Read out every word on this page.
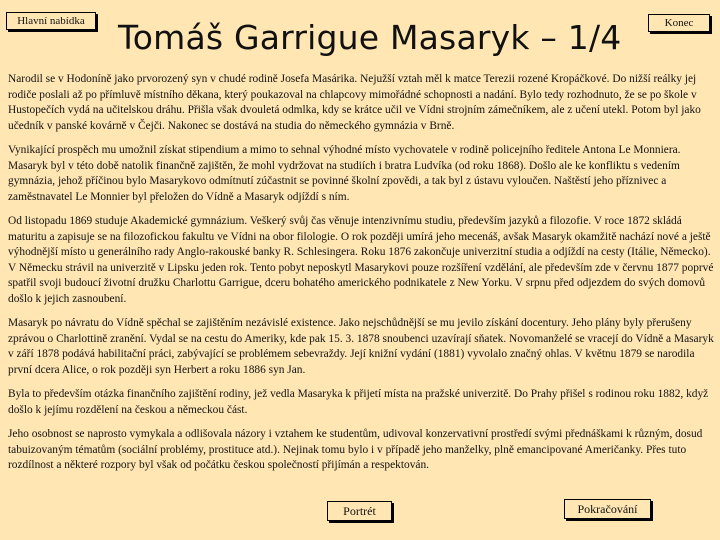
Hlavní nabídka	Konec
Tomáš Garrigue Masaryk – 1/4

Narodil se v Hodoníně jako prvorozený syn v chudé rodině Josefa Masárika. Nejužší vztah měl k matce Terezii rozené Kropáčkové. Do nižší reálky jej rodiče poslali až po přímluvě místního děkana, který poukazoval na chlapcovy mimořádné schopnosti a nadání. Bylo tedy rozhodnuto, že se po škole v Hustopečích vydá na učitelskou dráhu. Přišla však dvouletá odmlka, kdy se krátce učil ve Vídni strojním zámečníkem, ale z učení utekl. Potom byl jako učedník v panské kovárně v Čejči. Nakonec se dostává na studia do německého gymnázia v Brně.

Vynikající prospěch mu umožnil získat stipendium a mimo to sehnal výhodné místo vychovatele v rodině policejního ředitele Antona Le Monniera. Masaryk byl v této době natolik finančně zajištěn, že mohl vydržovat na studiích i bratra Ludvíka (od roku 1868). Došlo ale ke konfliktu s vedením gymnázia, jehož příčinou bylo Masarykovo odmítnutí zúčastnit se povinné školní zpovědi, a tak byl z ústavu vyloučen. Naštěstí jeho příznivec a zaměstnavatel Le Monnier byl přeložen do Vídně a Masaryk odjíždí s ním.

Od listopadu 1869 studuje Akademické gymnázium. Veškerý svůj čas věnuje intenzivnímu studiu, především jazyků a filozofie. V roce 1872 skládá maturitu a zapisuje se na filozofickou fakultu ve Vídni na obor filologie. O rok později umírá jeho mecenáš, avšak Masaryk okamžitě nachází nové a ještě výhodnější místo u generálního rady Anglo-rakouské banky R. Schlesingera. Roku 1876 zakončuje univerzitní studia a odjíždí na cesty (Itálie, Německo). V Německu strávil na univerzitě v Lipsku jeden rok. Tento pobyt neposkytl Masarykovi pouze rozšíření vzdělání, ale především zde v červnu 1877 poprvé spatřil svoji budoucí životní družku Charlottu Garrigue, dceru bohatého amerického podnikatele z New Yorku. V srpnu před odjezdem do svých domovů došlo k jejich zasnoubení.

Masaryk po návratu do Vídně spěchal se zajištěním nezávislé existence. Jako nejschůdnější se mu jevilo získání docentury. Jeho plány byly přerušeny zprávou o Charlottině zranění. Vydal se na cestu do Ameriky, kde pak 15. 3. 1878 snoubenci uzavírají sňatek. Novomanželé se vracejí do Vídně a Masaryk v září 1878 podává habilitační práci, zabývající se problémem sebevraždy. Její knižní vydání (1881) vyvolalo značný ohlas. V květnu 1879 se narodila první dcera Alice, o rok později syn Herbert a roku 1886 syn Jan.

Byla to především otázka finančního zajištění rodiny, jež vedla Masaryka k přijetí místa na pražské univerzitě. Do Prahy přišel s rodinou roku 1882, když došlo k jejímu rozdělení na českou a německou část.

Jeho osobnost se naprosto vymykala a odlišovala názory i vztahem ke studentům, udivoval konzervativní prostředí svými přednáškami k různým, dosud tabuizovaným tématům (sociální problémy, prostituce atd.). Nejinak tomu bylo i v případě jeho manželky, plně emancipované Američanky. Přes tuto rozdílnost a některé rozpory byl však od počátku českou společností přijímán a respektován.

Portrét	Pokračování
